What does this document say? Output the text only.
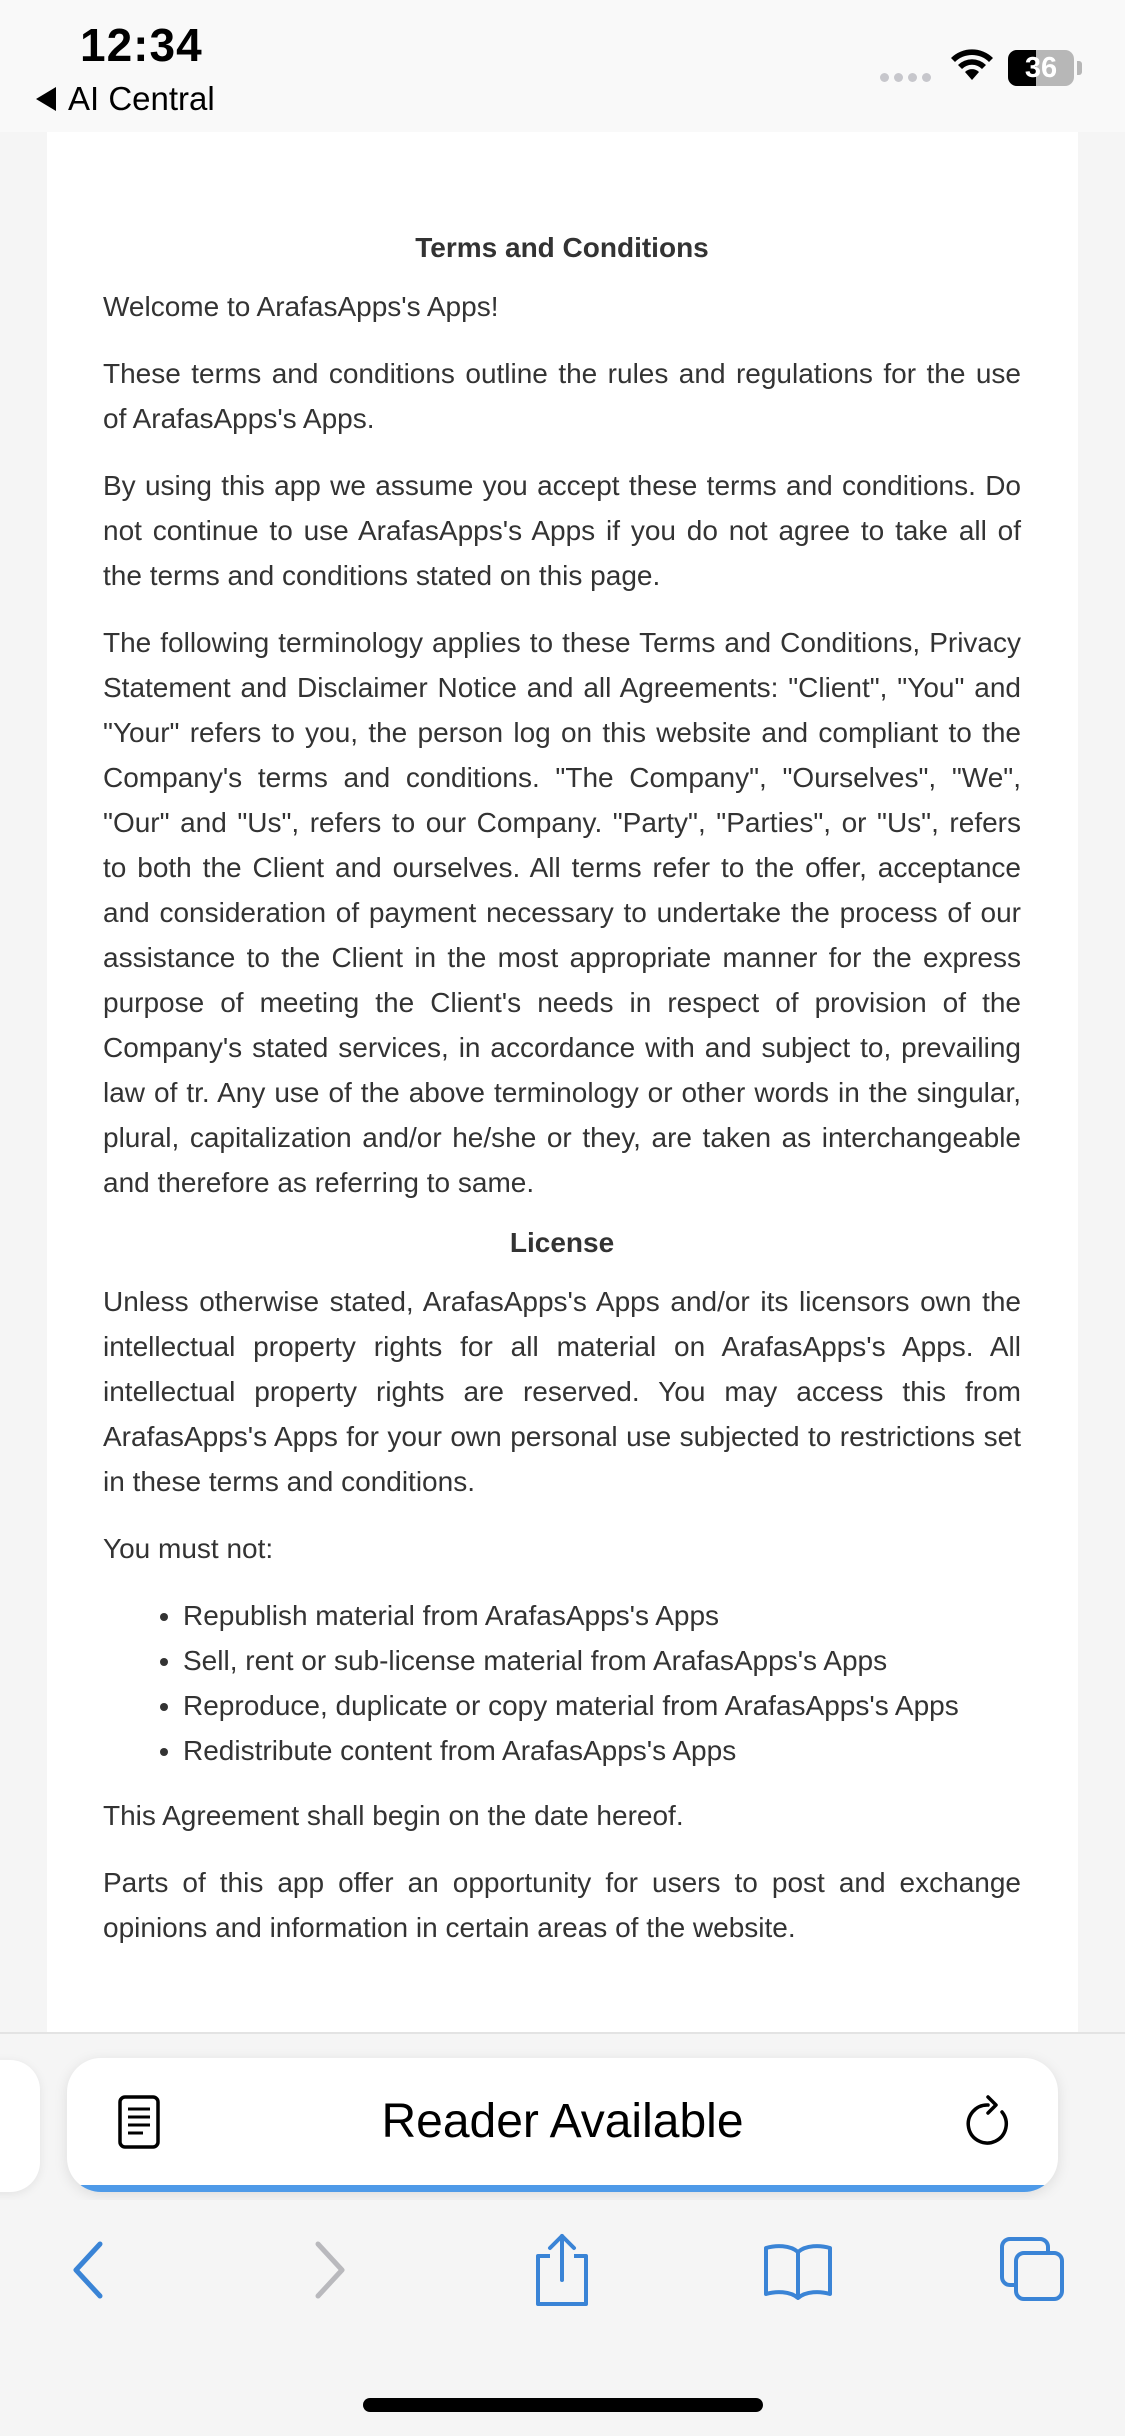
12:34
AI Central
36
Terms and Conditions

Welcome to ArafasApps's Apps!

These terms and conditions outline the rules and regulations for the use of ArafasApps's Apps.

By using this app we assume you accept these terms and conditions. Do not continue to use ArafasApps's Apps if you do not agree to take all of the terms and conditions stated on this page.

The following terminology applies to these Terms and Conditions, Privacy Statement and Disclaimer Notice and all Agreements: "Client", "You" and "Your" refers to you, the person log on this website and compliant to the Company's terms and conditions. "The Company", "Ourselves", "We", "Our" and "Us", refers to our Company. "Party", "Parties", or "Us", refers to both the Client and ourselves. All terms refer to the offer, acceptance and consideration of payment necessary to undertake the process of our assistance to the Client in the most appropriate manner for the express purpose of meeting the Client's needs in respect of provision of the Company's stated services, in accordance with and subject to, prevailing law of tr. Any use of the above terminology or other words in the singular, plural, capitalization and/or he/she or they, are taken as interchangeable and therefore as referring to same.

License

Unless otherwise stated, ArafasApps's Apps and/or its licensors own the intellectual property rights for all material on ArafasApps's Apps. All intellectual property rights are reserved. You may access this from ArafasApps's Apps for your own personal use subjected to restrictions set in these terms and conditions.

You must not:

• Republish material from ArafasApps's Apps
• Sell, rent or sub-license material from ArafasApps's Apps
• Reproduce, duplicate or copy material from ArafasApps's Apps
• Redistribute content from ArafasApps's Apps

This Agreement shall begin on the date hereof.

Parts of this app offer an opportunity for users to post and exchange opinions and information in certain areas of the website.

Reader Available
